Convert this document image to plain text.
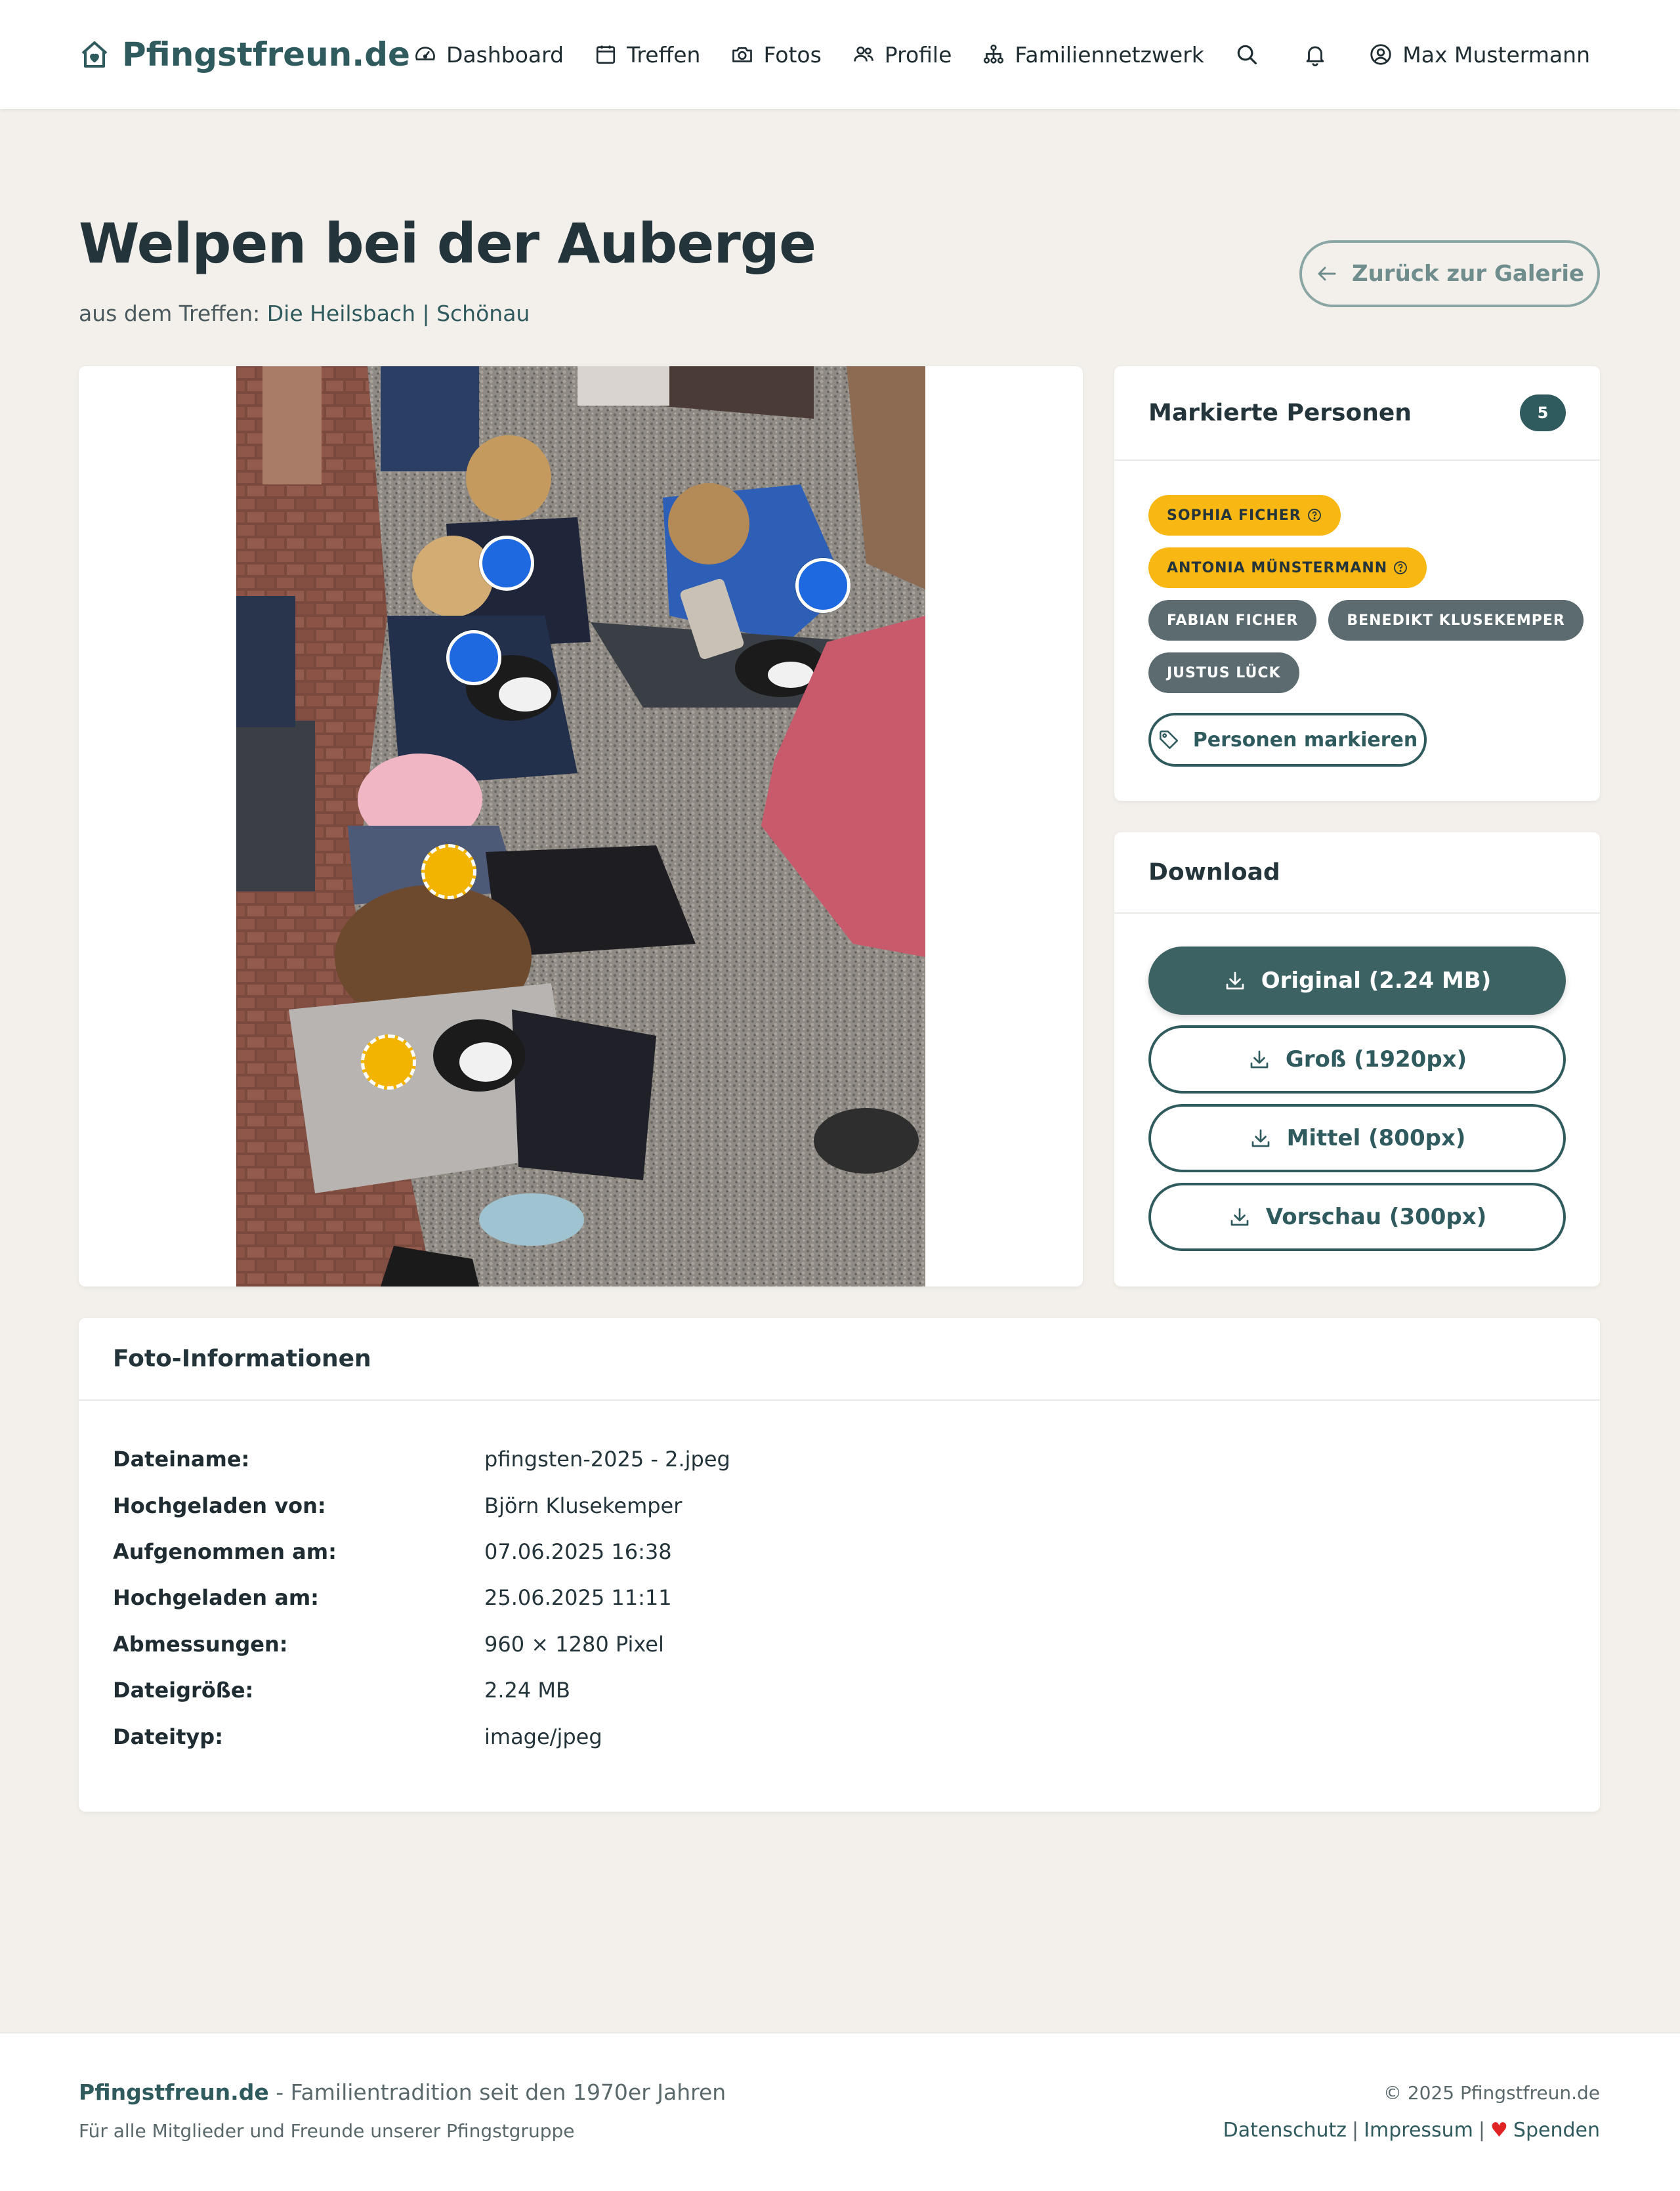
Pfingstfreun.de Dashboard	Treffen	Fotos	Profile	Familiennetzwerk	Max Mustermann
Welpen bei der Auberge
aus dem Treffen: Die Heilsbach | Schönau
Zurück zur Galerie
Markierte Personen	5
SOPHIA FICHER
ANTONIA MÜNSTERMANN
FABIAN FICHER	BENEDIKT KLUSEKEMPER
JUSTUS LÜCK
Personen markieren
Download
Original (2.24 MB)
Groß (1920px)
Mittel (800px)
Vorschau (300px)
Foto-Informationen
Dateiname:	pfingsten-2025 - 2.jpeg
Hochgeladen von:	Björn Klusekemper
Aufgenommen am:	07.06.2025 16:38
Hochgeladen am:	25.06.2025 11:11
Abmessungen:	960 × 1280 Pixel
Dateigröße:	2.24 MB
Dateityp:	image/jpeg
Pfingstfreun.de - Familientradition seit den 1970er Jahren
Für alle Mitglieder und Freunde unserer Pfingstgruppe
© 2025 Pfingstfreun.de
Datenschutz | Impressum | ♥ Spenden
